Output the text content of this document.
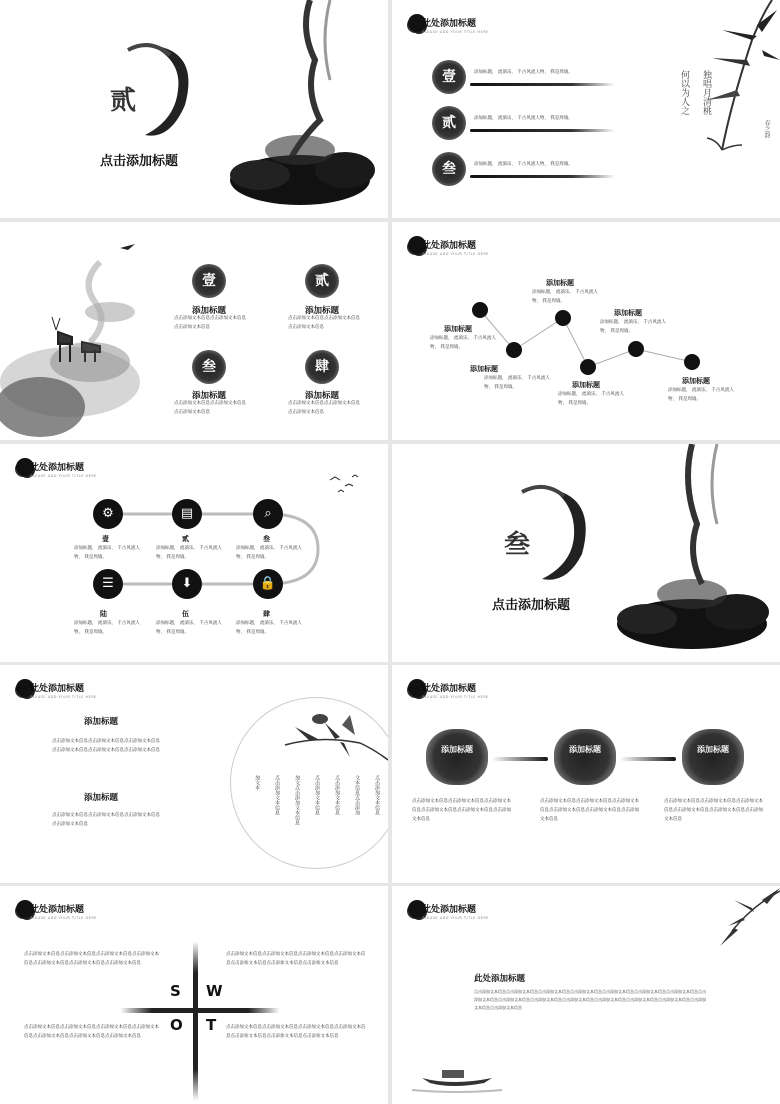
贰
点击添加标题
此处添加标题
PLEASE ADD YOUR TITLE HERE
壹	添加标题， 流淌乐， 千古风流人物， 我是周瑜。
贰	添加标题， 流淌乐， 千古风流人物， 我是周瑜。
叁	添加标题， 流淌乐， 千古风流人物， 我是周瑜。
独唱月清桃
何以为人之
春之韵
壹
添加标题
点击添加文本信息点击添加文本信息点击添加文本信息
贰
添加标题
点击添加文本信息点击添加文本信息点击添加文本信息
叁
添加标题
点击添加文本信息点击添加文本信息点击添加文本信息
肆
添加标题
点击添加文本信息点击添加文本信息点击添加文本信息
此处添加标题
PLEASE ADD YOUR TITLE HERE
添加标题
添加标题， 流淌乐， 千古风流人物， 我是周瑜。
添加标题
添加标题， 流淌乐， 千古风流人物， 我是周瑜。
添加标题
添加标题， 流淌乐， 千古风流人物， 我是周瑜。
添加标题
添加标题， 流淌乐， 千古风流人物， 我是周瑜。
添加标题
添加标题， 流淌乐， 千古风流人物， 我是周瑜。
添加标题
添加标题， 流淌乐， 千古风流人物， 我是周瑜。
此处添加标题
PLEASE ADD YOUR TITLE HERE
⚙	▤	⌕
☰	⬇	🔒
壹
添加标题， 流淌乐， 千古风流人物， 我是周瑜。
贰
添加标题， 流淌乐， 千古风流人物， 我是周瑜。
叁
添加标题， 流淌乐， 千古风流人物， 我是周瑜。
陆
添加标题， 流淌乐， 千古风流人物， 我是周瑜。
伍
添加标题， 流淌乐， 千古风流人物， 我是周瑜。
肆
添加标题， 流淌乐， 千古风流人物， 我是周瑜。
叁
点击添加标题
此处添加标题
PLEASE ADD YOUR TITLE HERE
添加标题
点击添加文本信息点击添加文本信息点击添加文本信息点击添加文本信息点击添加文本信息点击添加文本信息
添加标题
点击添加文本信息点击添加文本信息点击添加文本信息点击添加文本信息
加文本	点击添加文本信息	加文点击添加文本信息	点击添加文本信息	点击添加文本信息	文本信息点击添加	点击添加文本信息
此处添加标题
PLEASE ADD YOUR TITLE HERE
添加标题	添加标题	添加标题
点击添加文本信息点击添加文本信息点击添加文本信息点击添加文本信息点击添加文本信息点击添加文本信息
点击添加文本信息点击添加文本信息点击添加文本信息点击添加文本信息点击添加文本信息点击添加文本信息
点击添加文本信息点击添加文本信息点击添加文本信息点击添加文本信息点击添加文本信息点击添加文本信息
此处添加标题
PLEASE ADD YOUR TITLE HERE
S W
O T
点击添加文本信息点击添加文本信息点击添加文本信息点击添加文本信息点击添加文本信息点击添加文本信息点击添加文本信息
点击添加文本信息点击添加文本信息点击添加文本信息点击添加文本信息点击添加文本信息点击添加文本信息点击添加文本信息
点击添加文本信息点击添加文本信息点击添加文本信息点击添加文本信息点击添加文本信息点击添加文本信息点击添加文本信息
点击添加文本信息点击添加文本信息点击添加文本信息点击添加文本信息点击添加文本信息点击添加文本信息点击添加文本信息
此处添加标题
PLEASE ADD YOUR TITLE HERE
此处添加标题
点击添加文本信息点击添加文本信息点击添加文本信息点击添加文本信息点击添加文本信息点击添加文本信息点击添加文本信息点击添加文本信息点击添加文本信息点击添加文本信息点击添加文本信息点击添加文本信息点击添加文本信息点击添加文本信息点击添加文本信息点击添加文本信息
